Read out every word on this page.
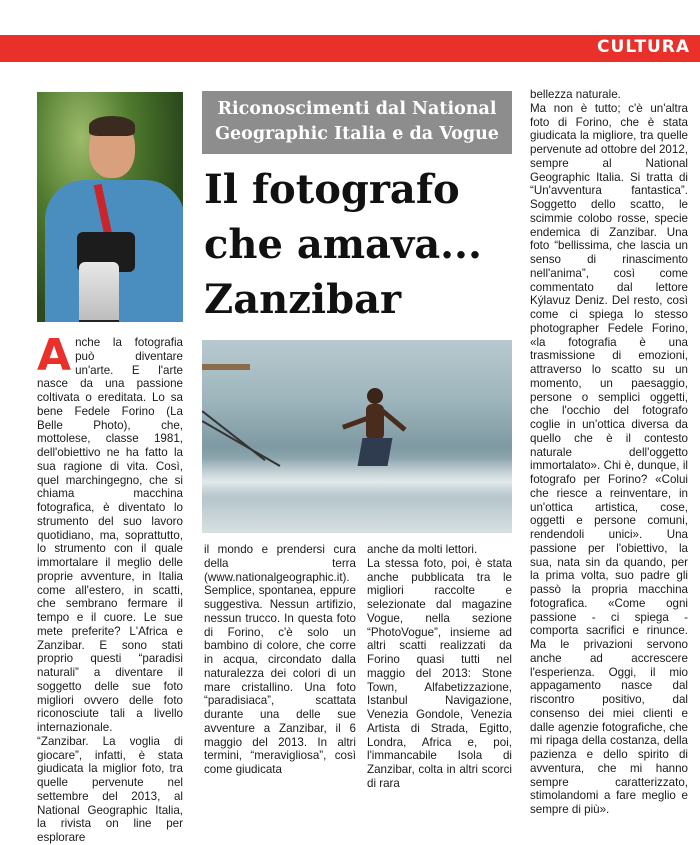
CULTURA
Riconoscimenti dal National
Geographic Italia e da Vogue
Il fotografo
che amava...
Zanzibar

Anche la fotografia può diventare un'arte. E l'arte nasce da una passione coltivata o ereditata. Lo sa bene Fedele Forino (La Belle Photo), che, mottolese, classe 1981, dell'obiettivo ne ha fatto la sua ragione di vita. Così, quel marchingegno, che si chiama macchina fotografica, è diventato lo strumento del suo lavoro quotidiano, ma, soprattutto, lo strumento con il quale immortalare il meglio delle proprie avventure, in Italia come all'estero, in scatti, che sembrano fermare il tempo e il cuore. Le sue mete preferite? L'Africa e Zanzibar. E sono stati proprio questi “paradisi naturali” a diventare il soggetto delle sue foto migliori ovvero delle foto riconosciute tali a livello internazionale.

“Zanzibar. La voglia di giocare”, infatti, è stata giudicata la miglior foto, tra quelle pervenute nel settembre del 2013, al National Geographic Italia, la rivista on line per esplorare

il mondo e prendersi cura della terra (www.nationalgeographic.it). Semplice, spontanea, eppure suggestiva. Nessun artifizio, nessun trucco. In questa foto di Forino, c'è solo un bambino di colore, che corre in acqua, circondato dalla naturalezza dei colori di un mare cristallino. Una foto “paradisiaca”, scattata durante una delle sue avventure a Zanzibar, il 6 maggio del 2013. In altri termini, “meravigliosa”, così come giudicata

anche da molti lettori.

La stessa foto, poi, è stata anche pubblicata tra le migliori raccolte e selezionate dal magazine Vogue, nella sezione “PhotoVogue”, insieme ad altri scatti realizzati da Forino quasi tutti nel maggio del 2013: Stone Town, Alfabetizzazione, Istanbul Navigazione, Venezia Gondole, Venezia Artista di Strada, Egitto, Londra, Africa e, poi, l'immancabile Isola di Zanzibar, colta in altri scorci di rara

bellezza naturale.

Ma non è tutto; c'è un'altra foto di Forino, che è stata giudicata la migliore, tra quelle pervenute ad ottobre del 2012, sempre al National Geographic Italia. Si tratta di “Un'avventura fantastica”. Soggetto dello scatto, le scimmie colobo rosse, specie endemica di Zanzibar. Una foto “bellissima, che lascia un senso di rinascimento nell'anima”, così come commentato dal lettore Kýlavuz Deniz. Del resto, così come ci spiega lo stesso photographer Fedele Forino, «la fotografia è una trasmissione di emozioni, attraverso lo scatto su un momento, un paesaggio, persone o semplici oggetti, che l'occhio del fotografo coglie in un'ottica diversa da quello che è il contesto naturale dell'oggetto immortalato». Chi è, dunque, il fotografo per Forino? «Colui che riesce a reinventare, in un'ottica artistica, cose, oggetti e persone comuni, rendendoli unici». Una passione per l'obiettivo, la sua, nata sin da quando, per la prima volta, suo padre gli passò la propria macchina fotografica. «Come ogni passione - ci spiega - comporta sacrifici e rinunce. Ma le privazioni servono anche ad accrescere l'esperienza. Oggi, il mio appagamento nasce dal riscontro positivo, dal consenso dei miei clienti e dalle agenzie fotografiche, che mi ripaga della costanza, della pazienza e dello spirito di avventura, che mi hanno sempre caratterizzato, stimolandomi a fare meglio e sempre di più».
